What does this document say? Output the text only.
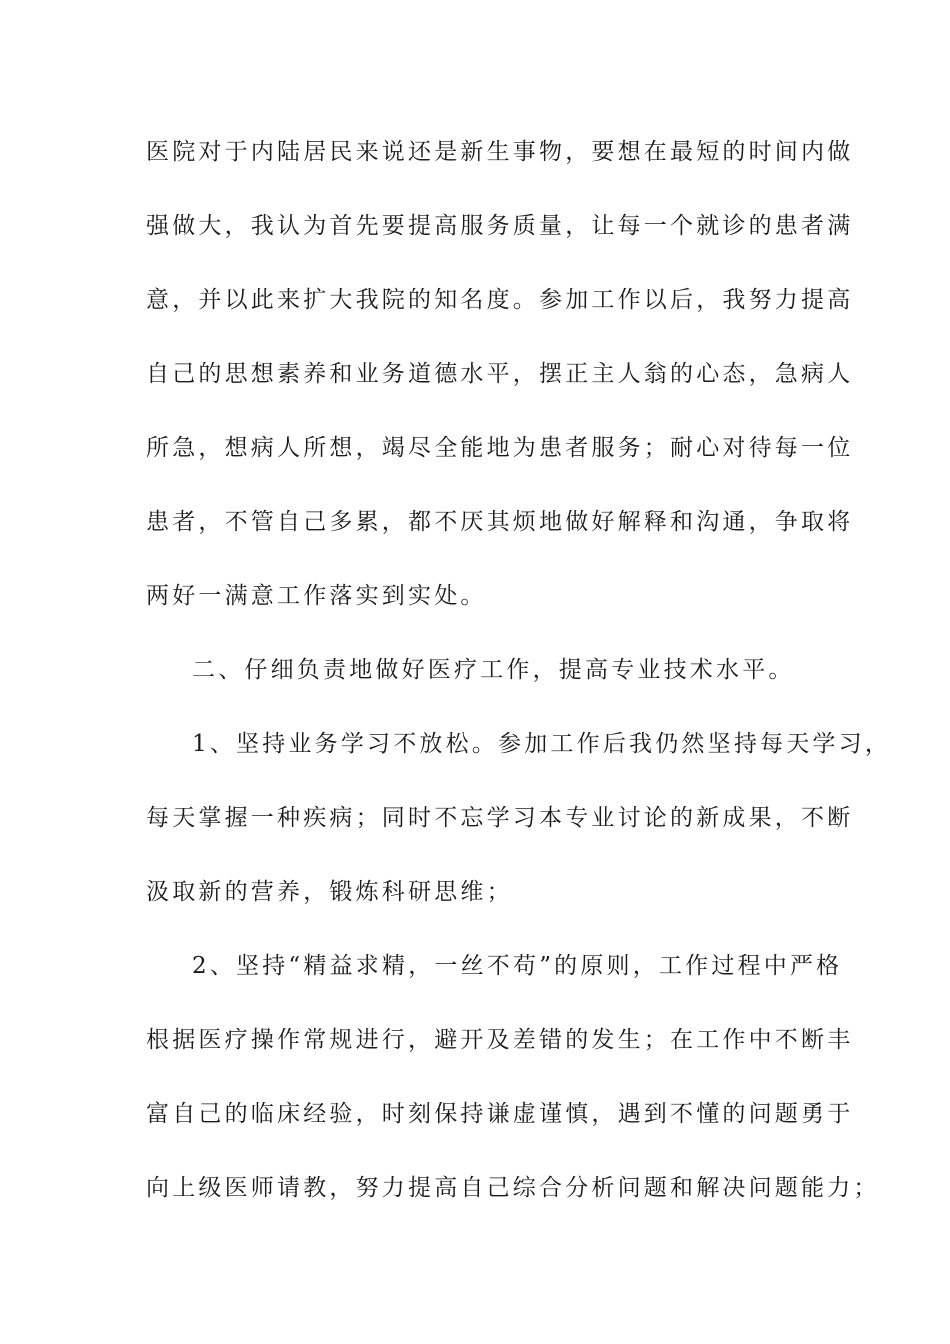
医院对于内陆居民来说还是新生事物，要想在最短的时间内做
强做大，我认为首先要提高服务质量，让每一个就诊的患者满
意，并以此来扩大我院的知名度。参加工作以后，我努力提高
自己的思想素养和业务道德水平，摆正主人翁的心态，急病人
所急，想病人所想，竭尽全能地为患者服务；耐心对待每一位
患者，不管自己多累，都不厌其烦地做好解释和沟通，争取将
两好一满意工作落实到实处。
二、仔细负责地做好医疗工作，提高专业技术水平。
1、坚持业务学习不放松。参加工作后我仍然坚持每天学习，
每天掌握一种疾病；同时不忘学习本专业讨论的新成果，不断
汲取新的营养，锻炼科研思维；
2、坚持“精益求精，一丝不苟”的原则，工作过程中严格
根据医疗操作常规进行，避开及差错的发生；在工作中不断丰
富自己的临床经验，时刻保持谦虚谨慎，遇到不懂的问题勇于
向上级医师请教，努力提高自己综合分析问题和解决问题能力；
